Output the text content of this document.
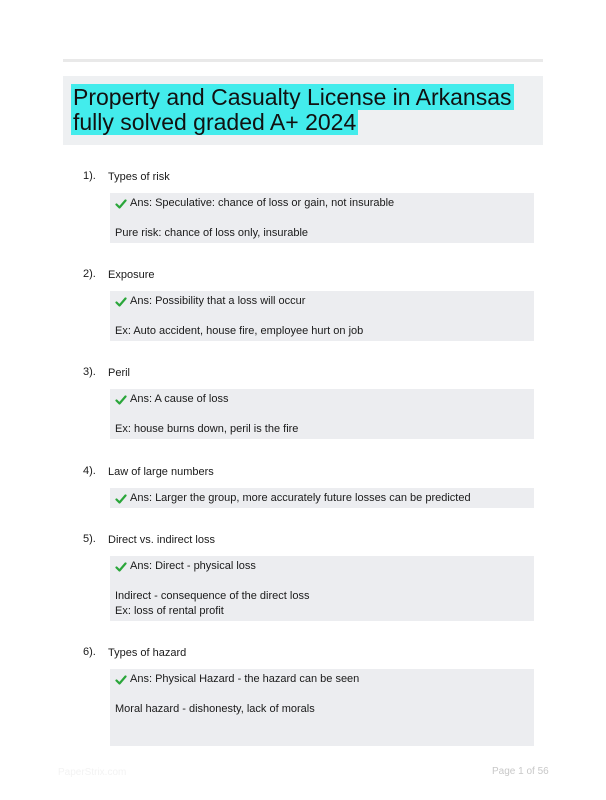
Property and Casualty License in Arkansas fully solved graded A+ 2024
1). Types of risk
Ans: Speculative: chance of loss or gain, not insurable
Pure risk: chance of loss only, insurable
2). Exposure
Ans: Possibility that a loss will occur
Ex: Auto accident, house fire, employee hurt on job
3). Peril
Ans: A cause of loss
Ex: house burns down, peril is the fire
4). Law of large numbers
Ans: Larger the group, more accurately future losses can be predicted
5). Direct vs. indirect loss
Ans: Direct - physical loss
Indirect - consequence of the direct loss
Ex: loss of rental profit
6). Types of hazard
Ans: Physical Hazard - the hazard can be seen
Moral hazard - dishonesty, lack of morals
PaperStrix.com	Page 1 of 56
